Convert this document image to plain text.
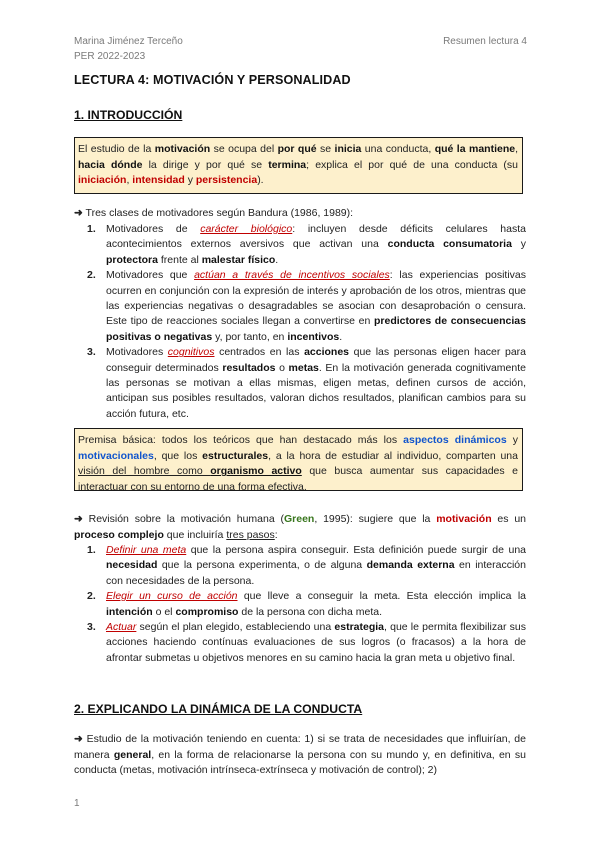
Marina Jiménez Terceño
PER 2022-2023
Resumen lectura 4
LECTURA 4: MOTIVACIÓN Y PERSONALIDAD
1. INTRODUCCIÓN
El estudio de la motivación se ocupa del por qué se inicia una conducta, qué la mantiene, hacia dónde la dirige y por qué se termina; explica el por qué de una conducta (su iniciación, intensidad y persistencia).
➜ Tres clases de motivadores según Bandura (1986, 1989):
1. Motivadores de carácter biológico: incluyen desde déficits celulares hasta acontecimientos externos aversivos que activan una conducta consumatoria y protectora frente al malestar físico.
2. Motivadores que actúan a través de incentivos sociales: las experiencias positivas ocurren en conjunción con la expresión de interés y aprobación de los otros, mientras que las experiencias negativas o desagradables se asocian con desaprobación o censura. Este tipo de reacciones sociales llegan a convertirse en predictores de consecuencias positivas o negativas y, por tanto, en incentivos.
3. Motivadores cognitivos centrados en las acciones que las personas eligen hacer para conseguir determinados resultados o metas. En la motivación generada cognitivamente las personas se motivan a ellas mismas, eligen metas, definen cursos de acción, anticipan sus posibles resultados, valoran dichos resultados, planifican cambios para su acción futura, etc.
Premisa básica: todos los teóricos que han destacado más los aspectos dinámicos y motivacionales, que los estructurales, a la hora de estudiar al individuo, comparten una visión del hombre como organismo activo que busca aumentar sus capacidades e interactuar con su entorno de una forma efectiva.
➜ Revisión sobre la motivación humana (Green, 1995): sugiere que la motivación es un proceso complejo que incluiría tres pasos:
1. Definir una meta que la persona aspira conseguir. Esta definición puede surgir de una necesidad que la persona experimenta, o de alguna demanda externa en interacción con necesidades de la persona.
2. Elegir un curso de acción que lleve a conseguir la meta. Esta elección implica la intención o el compromiso de la persona con dicha meta.
3. Actuar según el plan elegido, estableciendo una estrategia, que le permita flexibilizar sus acciones haciendo contínuas evaluaciones de sus logros (o fracasos) a la hora de afrontar submetas u objetivos menores en su camino hacia la gran meta u objetivo final.
2. EXPLICANDO LA DINÁMICA DE LA CONDUCTA
➜ Estudio de la motivación teniendo en cuenta: 1) si se trata de necesidades que influirían, de manera general, en la forma de relacionarse la persona con su mundo y, en definitiva, en su conducta (metas, motivación intrínseca-extrínseca y motivación de control); 2)
1
